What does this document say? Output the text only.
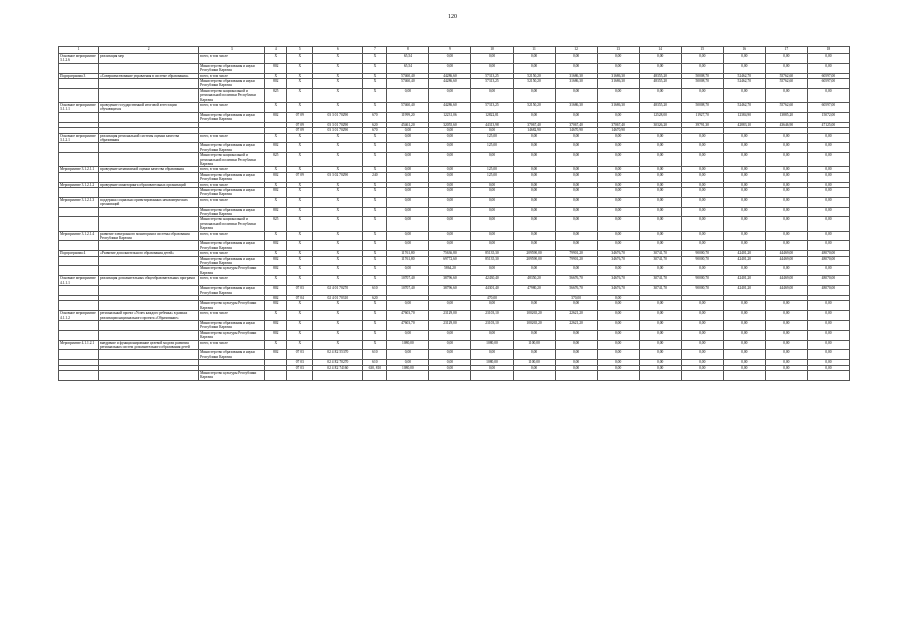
120
1	2	3	4	5	6	7	8	9	10	11	12	13	14	15	16	17	18
Основное мероприятие 3.1.2.6	реализация мер	всего, в том числе	X	X	X	X	65,54	0,00	0,00	0,00	0,00	0,00	0,00	0,00	0,00	0,00	0,00
		Министерство образования и науки Республики Карелия	802	X	X	X	65,54	0,00	0,00	0,00	0,00	0,00	0,00	0,00	0,00	0,00	0,00
Подпрограмма 3	«Совершенствование управления в системе образования»	всего, в том числе	X	X	X	X	57460,40	44286,60	57313,25	52150,20	31686,30	31686,30	48355,20	50008,70	52462,70	55762,60	60597,00
		Министерство образования и науки Республики Карелия	802	X	X	X	57460,40	44286,60	57313,25	52150,20	31686,30	31686,30	48355,20	50008,70	52462,70	55762,60	60597,00
		Министерство национальной и региональной политики Республики Карелия	825	X	X	X	0,00	0,00	0,00	0,00	0,00	0,00	0,00	0,00	0,00	0,00	0,00
Основное мероприятие 3.1.1.1	проведение государственной итоговой аттестации обучающихся	всего, в том числе	X	X	X	X	57460,40	44286,60	57313,25	52150,20	31686,30	31686,30	48355,20	50008,70	52462,70	55762,60	60597,00
		Министерство образования и науки Республики Карелия	802	07 09	03 3 01 70290	670	11999,20	12231,06	12822,81	0,00	0,00	0,00	12528,00	11927,70	12384,90	13885,20	15072,00
				07 09	03 3 01 70290	620	45461,20	32055,60	44313,98	37067,40	37067,40	37067,40	30326,20	39791,30	42883,10	43646,90	47125,00
				07 09	03 3 01 70290	670	0,00	0,00	0,00	14682,90	14670,90	14670,90					
Основное мероприятие 3.1.2.1	реализация региональной системы оценки качества образования	всего, в том числе	X	X	X	X	0,00	0,00	125,00	0,00	0,00	0,00	0,00	0,00	0,00	0,00	0,00
		Министерство образования и науки Республики Карелия	802	X	X	X	0,00	0,00	125,00	0,00	0,00	0,00	0,00	0,00	0,00	0,00	0,00
		Министерство национальной и региональной политики Республики Карелия	825	X	X	X	0,00	0,00	0,00	0,00	0,00	0,00	0,00	0,00	0,00	0,00	0,00
Мероприятие 3.1.2.1.1	проведение независимой оценки качества образования	всего, в том числе	X	X	X	X	0,00	0,00	125,00	0,00	0,00	0,00	0,00	0,00	0,00	0,00	0,00
		Министерство образования и науки Республики Карелия	802	07 09	03 3 02 70290	240	0,00	0,00	125,00	0,00	0,00	0,00	0,00	0,00	0,00	0,00	0,00
Мероприятие 3.1.2.1.2	проведение мониторинга образовательных организаций	всего, в том числе	X	X	X	X	0,00	0,00	0,00	0,00	0,00	0,00	0,00	0,00	0,00	0,00	0,00
		Министерство образования и науки Республики Карелия	802	X	X	X	0,00	0,00	0,00	0,00	0,00	0,00	0,00	0,00	0,00	0,00	0,00
Мероприятие 3.1.2.1.3	поддержка социально ориентированных некоммерческих организаций	всего, в том числе	X	X	X	X	0,00	0,00	0,00	0,00	0,00	0,00	0,00	0,00	0,00	0,00	0,00
		Министерство образования и науки Республики Карелия	802	X	X	X	0,00	0,00	0,00	0,00	0,00	0,00	0,00	0,00	0,00	0,00	0,00
		Министерство национальной и региональной политики Республики Карелия	825	X	X	X	0,00	0,00	0,00	0,00	0,00	0,00	0,00	0,00	0,00	0,00	0,00
Мероприятие 3.1.2.1.4	развитие электронного мониторинга системы образования Республики Карелия	всего, в том числе	X	X	X	X	0,00	0,00	0,00	0,00	0,00	0,00	0,00	0,00	0,00	0,00	0,00
		Министерство образования и науки Республики Карелия	802	X	X	X	0,00	0,00	0,00	0,00	0,00	0,00	0,00	0,00	0,00	0,00	0,00
Подпрограмма 4	«Развитие дополнительного образования детей»	всего, в том числе	X	X	X	X	11761,80	75636,80	85135,30	209590,00	79901,20	34676,70	30741,70	90000,70	42401,20	44469,00	48070,00
		Министерство образования и науки Республики Карелия	802	X	X	X	11761,80	69772,60	85135,30	209590,00	79901,20	34676,70	30741,70	90000,70	42401,20	44469,00	48070,00
		Министерство культуры Республики Карелия	802	X	X	X	0,00	5864,20	0,00	0,00	0,00	0,00	0,00	0,00	0,00	0,00	0,00
Основное мероприятие 4.1.1.1	реализация дополнительных общеобразовательных программ	всего, в том числе	X	X	X	X	10707,40	38796,60	42430,40	48350,20	56676,70	34676,70	30741,70	90000,70	42401,20	44469,00	48070,00
		Министерство образования и науки Республики Карелия	802	07 03	02 4 01 70270	610	10707,40	38796,60	44301,40	47980,20	56676,70	34676,70	30741,70	90000,70	42401,20	44469,00	48070,00
			802	07 04	02 4 01 70310	620			470,00		370,00	0,00					
		Министерство культуры Республики Карелия	802	X	X	X	0,00	0,00	0,00	0,00	0,00	0,00	0,00	0,00	0,00	0,00	0,00
Основное мероприятие 4.1.1.2	региональный проект «Успех каждого ребенка» в рамках реализации национального проекта «Образование»	всего, в том числе	X	X	X	X	47603,70	23129,00	23103,10	100265,20	22621,20	0,00	0,00	0,00	0,00	0,00	0,00
		Министерство образования и науки Республики Карелия	802	X	X	X	47603,70	23129,00	23103,10	100265,20	22621,20	0,00	0,00	0,00	0,00	0,00	0,00
		Министерство культуры Республики Карелия	802	X	X	X	0,00	0,00	0,00	0,00	0,00	0,00	0,00	0,00	0,00	0,00	0,00
Мероприятие 4.1.1.2.1	внедрение и функционирование целевой модели развития региональных систем дополнительного образования детей	всего, в том числе	X	X	X	X	1080,00	0,00	1080,00	1100,00	0,00	0,00	0,00	0,00	0,00	0,00	0,00
		Министерство образования и науки Республики Карелия	802	07 03	02 4 E2 55370	610	0,00	0,00	0,00	0,00	0,00	0,00	0,00	0,00	0,00	0,00	0,00
				07 03	02 4 E2 70270	610	0,00	0,00	1080,00	1100,00	0,00	0,00	0,00	0,00	0,00	0,00	0,00
				07 03	02 4 E2 74160	630, 810	1080,00	0,00	0,00	0,00	0,00	0,00	0,00	0,00	0,00	0,00	0,00
		Министерство культуры Республики Карелия															
